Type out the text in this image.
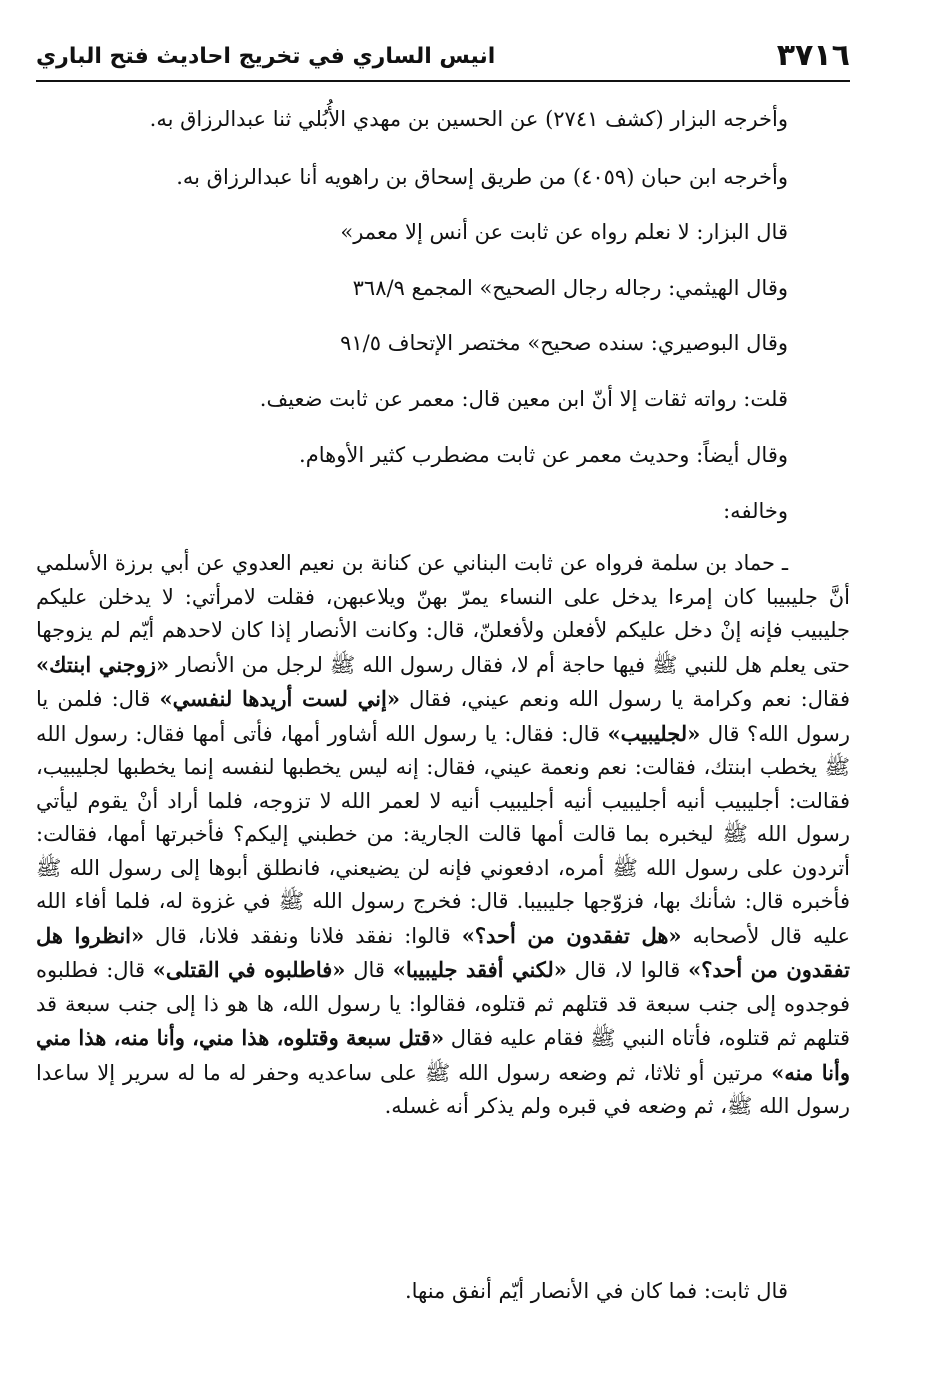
٣٧١٦
انيس الساري في تخريج احاديث فتح الباري
وأخرجه البزار (كشف ٢٧٤١) عن الحسين بن مهدي الأُبُلي ثنا عبدالرزاق به.
وأخرجه ابن حبان (٤٠٥٩) من طريق إسحاق بن راهويه أنا عبدالرزاق به.
قال البزار: لا نعلم رواه عن ثابت عن أنس إلا معمر»
وقال الهيثمي: رجاله رجال الصحيح» المجمع ٣٦٨/٩
وقال البوصيري: سنده صحيح» مختصر الإتحاف ٩١/٥
قلت: رواته ثقات إلا أنّ ابن معين قال: معمر عن ثابت ضعيف.
وقال أيضاً: وحديث معمر عن ثابت مضطرب كثير الأوهام.
وخالفه:
ـ حماد بن سلمة فرواه عن ثابت البناني عن كنانة بن نعيم العدوي عن أبي برزة الأسلمي أنَّ جليبيبا كان إمرءا يدخل على النساء يمرّ بهنّ ويلاعبهن، فقلت لامرأتي: لا يدخلن عليكم جليبيب فإنه إنْ دخل عليكم لأفعلن ولأفعلنّ، قال: وكانت الأنصار إذا كان لاحدهم أيّم لم يزوجها حتى يعلم هل للنبي ﷺ فيها حاجة أم لا، فقال رسول الله ﷺ لرجل من الأنصار «زوجني ابنتك» فقال: نعم وكرامة يا رسول الله ونعم عيني، فقال «إني لست أريدها لنفسي» قال: فلمن يا رسول الله؟ قال «لجليبيب» قال: فقال: يا رسول الله أشاور أمها، فأتى أمها فقال: رسول الله ﷺ يخطب ابنتك، فقالت: نعم ونعمة عيني، فقال: إنه ليس يخطبها لنفسه إنما يخطبها لجليبيب، فقالت: أجليبيب أنيه أجليبيب أنيه أجليبيب أنيه لا لعمر الله لا تزوجه، فلما أراد أنْ يقوم ليأتي رسول الله ﷺ ليخبره بما قالت أمها قالت الجارية: من خطبني إليكم؟ فأخبرتها أمها، فقالت: أتردون على رسول الله ﷺ أمره، ادفعوني فإنه لن يضيعني، فانطلق أبوها إلى رسول الله ﷺ فأخبره قال: شأنك بها، فزوّجها جليبيبا. قال: فخرج رسول الله ﷺ في غزوة له، فلما أفاء الله عليه قال لأصحابه «هل تفقدون من أحد؟» قالوا: نفقد فلانا ونفقد فلانا، قال «انظروا هل تفقدون من أحد؟» قالوا لا، قال «لكني أفقد جليبيبا» قال «فاطلبوه في القتلى» قال: فطلبوه فوجدوه إلى جنب سبعة قد قتلهم ثم قتلوه، فقالوا: يا رسول الله، ها هو ذا إلى جنب سبعة قد قتلهم ثم قتلوه، فأتاه النبي ﷺ فقام عليه فقال «قتل سبعة وقتلوه، هذا مني، وأنا منه، هذا مني وأنا منه» مرتين أو ثلاثا، ثم وضعه رسول الله ﷺ على ساعديه وحفر له ما له سرير إلا ساعدا رسول الله ﷺ، ثم وضعه في قبره ولم يذكر أنه غسله.
قال ثابت: فما كان في الأنصار أيّم أنفق منها.
